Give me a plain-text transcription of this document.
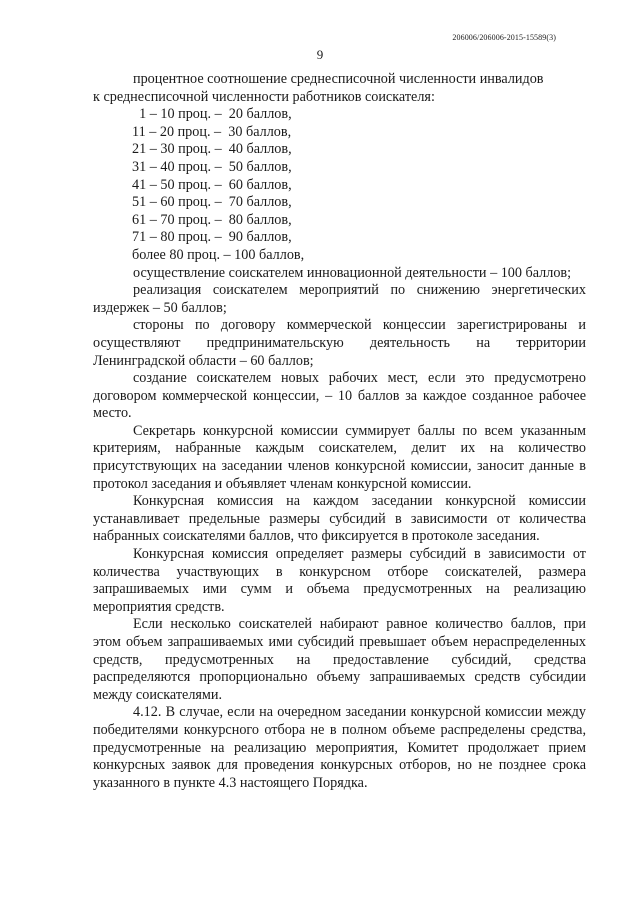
206006/206006-2015-15589(3)
9

процентное соотношение среднесписочной численности инвалидов

к среднесписочной численности работников соискателя:

1 – 10 проц. –  20 баллов,
11 – 20 проц. –  30 баллов,
21 – 30 проц. –  40 баллов,
31 – 40 проц. –  50 баллов,
41 – 50 проц. –  60 баллов,
51 – 60 проц. –  70 баллов,
61 – 70 проц. –  80 баллов,
71 – 80 проц. –  90 баллов,
более 80 проц. – 100 баллов,

осуществление соискателем инновационной деятельности – 100 баллов;

реализация соискателем мероприятий по снижению энергетических издержек – 50 баллов;

стороны по договору коммерческой концессии зарегистрированы и осуществляют предпринимательскую деятельность на территории Ленинградской области – 60 баллов;

создание соискателем новых рабочих мест, если это предусмотрено договором коммерческой концессии, – 10 баллов за каждое созданное рабочее место.

Секретарь конкурсной комиссии суммирует баллы по всем указанным критериям, набранные каждым соискателем, делит их на количество присутствующих на заседании членов конкурсной комиссии, заносит данные в протокол заседания и объявляет членам конкурсной комиссии.

Конкурсная комиссия на каждом заседании конкурсной комиссии устанавливает предельные размеры субсидий в зависимости от количества набранных соискателями баллов, что фиксируется в протоколе заседания.

Конкурсная комиссия определяет размеры субсидий в зависимости от количества участвующих в конкурсном отборе соискателей, размера запрашиваемых ими сумм и объема предусмотренных на реализацию мероприятия средств.

Если несколько соискателей набирают равное количество баллов, при этом объем запрашиваемых ими субсидий превышает объем нераспределенных средств, предусмотренных на предоставление субсидий, средства распределяются пропорционально объему запрашиваемых средств субсидии между соискателями.

4.12. В случае, если на очередном заседании конкурсной комиссии между победителями конкурсного отбора не в полном объеме распределены средства, предусмотренные на реализацию мероприятия, Комитет продолжает прием конкурсных заявок для проведения конкурсных отборов, но не позднее срока указанного в пункте 4.3 настоящего Порядка.
